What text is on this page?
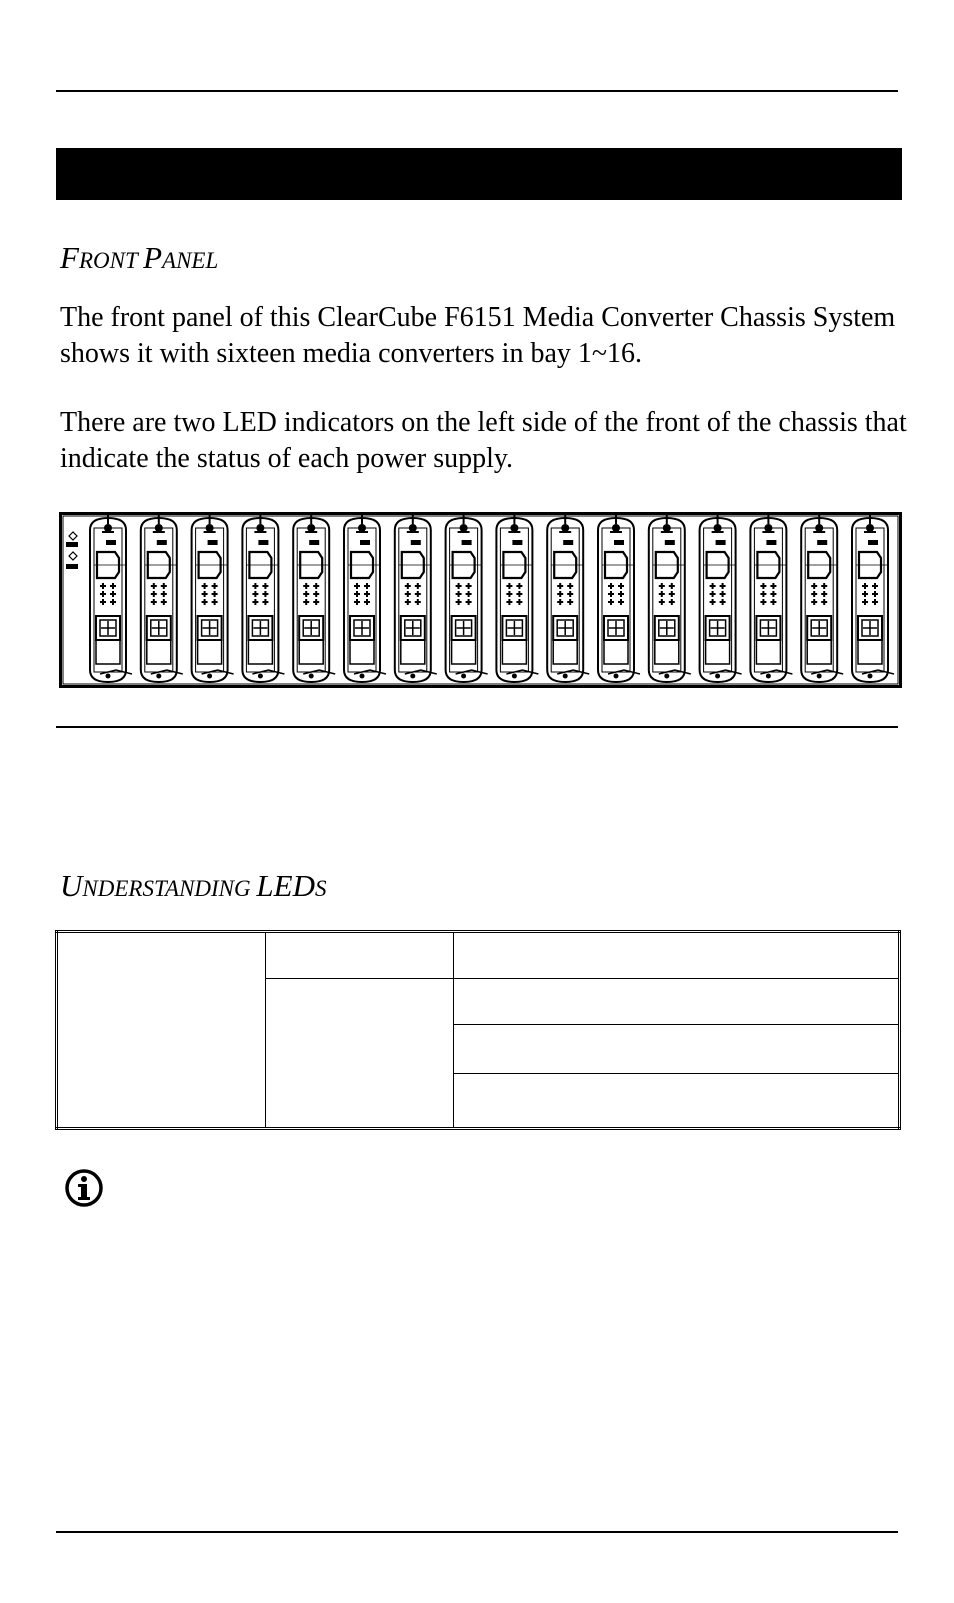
FRONT PANEL

The front panel of this ClearCube F6151 Media Converter Chassis System shows it with sixteen media converters in bay 1~16.

There are two LED indicators on the left side of the front of the chassis that indicate the status of each power supply.

UNDERSTANDING LEDS
